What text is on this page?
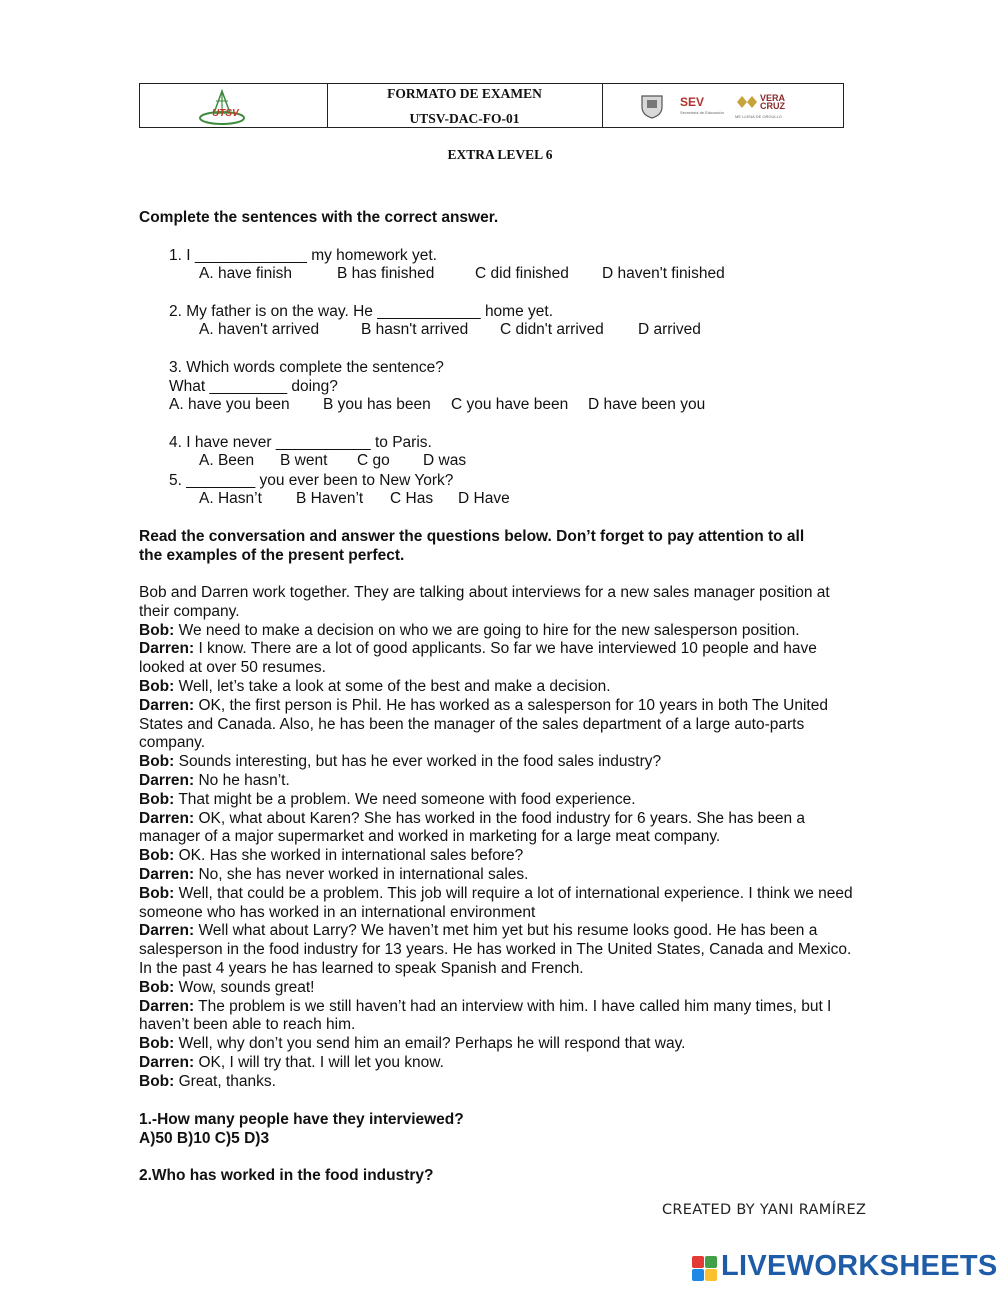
UTSV
FORMATO DE EXAMEN
UTSV-DAC-FO-01
SEV
Secretaría de Educación
VERA CRUZ
ME LLENA DE ORGULLO
EXTRA LEVEL 6
Complete the sentences with the correct answer.
1. I _____________ my homework yet.
A. have finish	B has finished	C did finished D haven't finished
2. My father is on the way. He ____________ home yet.
A. haven't arrived	B hasn't arrived C didn't arrived D arrived
3. Which words complete the sentence?
What _________ doing?
A. have you been B you has been C you have been D have been you
4. I have never ___________ to Paris.
A. Been B went C go D was
5. ________ you ever been to New York?
A. Hasn’t B Haven’t C Has D Have
Read the conversation and answer the questions below. Don’t forget to pay attention to all
the examples of the present perfect.
Bob and Darren work together. They are talking about interviews for a new sales manager position at their company.
Bob: We need to make a decision on who we are going to hire for the new salesperson position.
Darren: I know. There are a lot of good applicants. So far we have interviewed 10 people and have looked at over 50 resumes.
Bob: Well, let’s take a look at some of the best and make a decision.
Darren: OK, the first person is Phil. He has worked as a salesperson for 10 years in both The United States and Canada. Also, he has been the manager of the sales department of a large auto-parts company.
Bob: Sounds interesting, but has he ever worked in the food sales industry?
Darren: No he hasn’t.
Bob: That might be a problem. We need someone with food experience.
Darren: OK, what about Karen? She has worked in the food industry for 6 years. She has been a manager of a major supermarket and worked in marketing for a large meat company.
Bob: OK. Has she worked in international sales before?
Darren: No, she has never worked in international sales.
Bob: Well, that could be a problem. This job will require a lot of international experience. I think we need someone who has worked in an international environment
Darren: Well what about Larry? We haven’t met him yet but his resume looks good. He has been a salesperson in the food industry for 13 years. He has worked in The United States, Canada and Mexico. In the past 4 years he has learned to speak Spanish and French.
Bob: Wow, sounds great!
Darren: The problem is we still haven’t had an interview with him. I have called him many times, but I haven’t been able to reach him.
Bob: Well, why don’t you send him an email? Perhaps he will respond that way.
Darren: OK, I will try that. I will let you know.
Bob: Great, thanks.
1.-How many people have they interviewed?
A)50 B)10 C)5 D)3
2.Who has worked in the food industry?
CREATED BY YANI RAMÍREZ
LIVEWORKSHEETS
